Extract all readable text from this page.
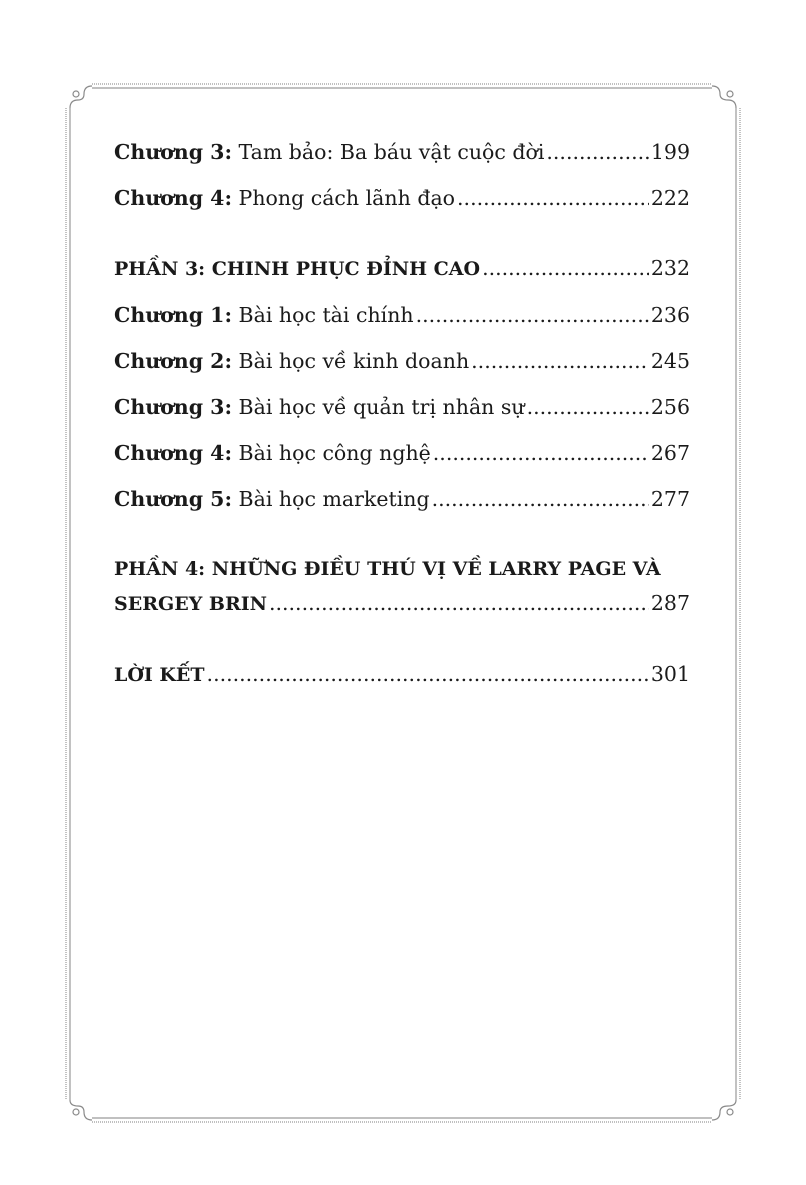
Chương 3: Tam bảo: Ba báu vật cuộc đời .....	199
Chương 4: Phong cách lãnh đạo .....	222
PHẦN 3: CHINH PHỤC ĐỈNH CAO .....	232
Chương 1: Bài học tài chính .....	236
Chương 2: Bài học về kinh doanh .....	245
Chương 3: Bài học về quản trị nhân sự .....	256
Chương 4: Bài học công nghệ .....	267
Chương 5: Bài học marketing .....	277
PHẦN 4: NHỮNG ĐIỀU THÚ VỊ VỀ LARRY PAGE VÀ
SERGEY BRIN .....	287
LỜI KẾT .....	301
